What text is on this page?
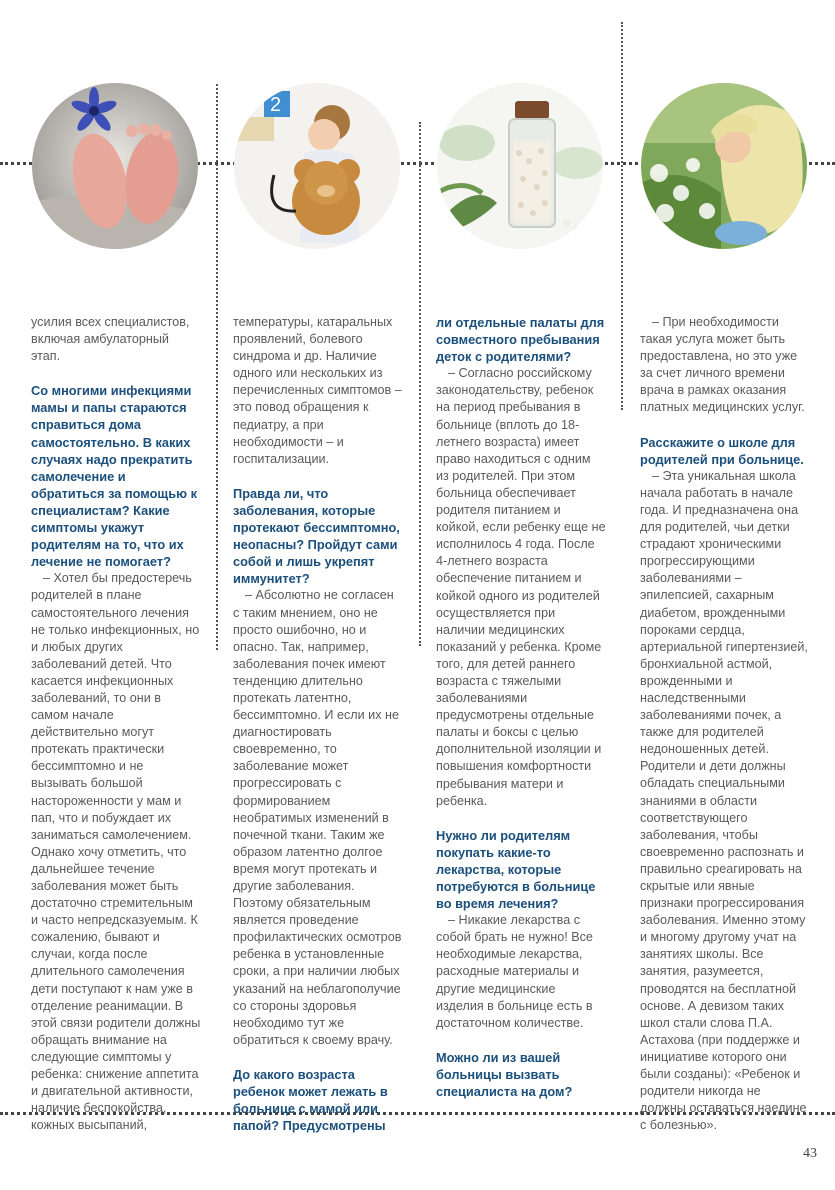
2

усилия всех специалистов, включая амбулаторный этап.

Со многими инфекциями мамы и папы стараются справиться дома самостоятельно. В каких случаях надо прекратить самолечение и обратиться за помощью к специалистам? Какие симптомы укажут родителям на то, что их лечение не помогает?

– Хотел бы предостеречь родителей в плане самостоятельного лечения не только инфекционных, но и любых других заболеваний детей. Что касается инфекционных заболеваний, то они в самом начале действительно могут протекать практически бессимптомно и не вызывать большой настороженности у мам и пап, что и побуждает их заниматься самолечением. Однако хочу отметить, что дальнейшее течение заболевания может быть достаточно стремительным и часто непредсказуемым. К сожалению, бывают и случаи, когда после длительного самолечения дети поступают к нам уже в отделение реанимации. В этой связи родители должны обращать внимание на следующие симптомы у ребенка: снижение аппетита и двигательной активности, наличие беспокойства, кожных высыпаний,

температуры, катаральных проявлений, болевого синдрома и др. Наличие одного или нескольких из перечисленных симптомов – это повод обращения к педиатру, а при необходимости – и госпитализации.

Правда ли, что заболевания, которые протекают бессимптомно, неопасны? Пройдут сами собой и лишь укрепят иммунитет?

– Абсолютно не согласен с таким мнением, оно не просто ошибочно, но и опасно. Так, например, заболевания почек имеют тенденцию длительно протекать латентно, бессимптомно. И если их не диагностировать своевременно, то заболевание может прогрессировать с формированием необратимых изменений в почечной ткани. Таким же образом латентно долгое время могут протекать и другие заболевания. Поэтому обязательным является проведение профилактических осмотров ребенка в установленные сроки, а при наличии любых указаний на неблагополучие со стороны здоровья необходимо тут же обратиться к своему врачу.

До какого возраста ребенок может лежать в больнице с мамой или папой? Предусмотрены

ли отдельные палаты для совместного пребывания деток с родителями?

– Согласно российскому законодательству, ребенок на период пребывания в больнице (вплоть до 18-летнего возраста) имеет право находиться с одним из родителей. При этом больница обеспечивает родителя питанием и койкой, если ребенку еще не исполнилось 4 года. После 4-летнего возраста обеспечение питанием и койкой одного из родителей осуществляется при наличии медицинских показаний у ребенка. Кроме того, для детей раннего возраста с тяжелыми заболеваниями предусмотрены отдельные палаты и боксы с целью дополнительной изоляции и повышения комфортности пребывания матери и ребенка.

Нужно ли родителям покупать какие-то лекарства, которые потребуются в больнице во время лечения?

– Никакие лекарства с собой брать не нужно! Все необходимые лекарства, расходные материалы и другие медицинские изделия в больнице есть в достаточном количестве.

Можно ли из вашей больницы вызвать специалиста на дом?

– При необходимости такая услуга может быть предоставлена, но это уже за счет личного времени врача в рамках оказания платных медицинских услуг.

Расскажите о школе для родителей при больнице.

– Эта уникальная школа начала работать в начале года. И предназначена она для родителей, чьи детки страдают хроническими прогрессирующими заболеваниями – эпилепсией, сахарным диабетом, врожденными пороками сердца, артериальной гипертензией, бронхиальной астмой, врожденными и наследственными заболеваниями почек, а также для родителей недоношенных детей. Родители и дети должны обладать специальными знаниями в области соответствующего заболевания, чтобы своевременно распознать и правильно среагировать на скрытые или явные признаки прогрессирования заболевания. Именно этому и многому другому учат на занятиях школы. Все занятия, разумеется, проводятся на бесплатной основе. А девизом таких школ стали слова П.А. Астахова (при поддержке и инициативе которого они были созданы): «Ребенок и родители никогда не должны оставаться наедине с болезнью».

43
